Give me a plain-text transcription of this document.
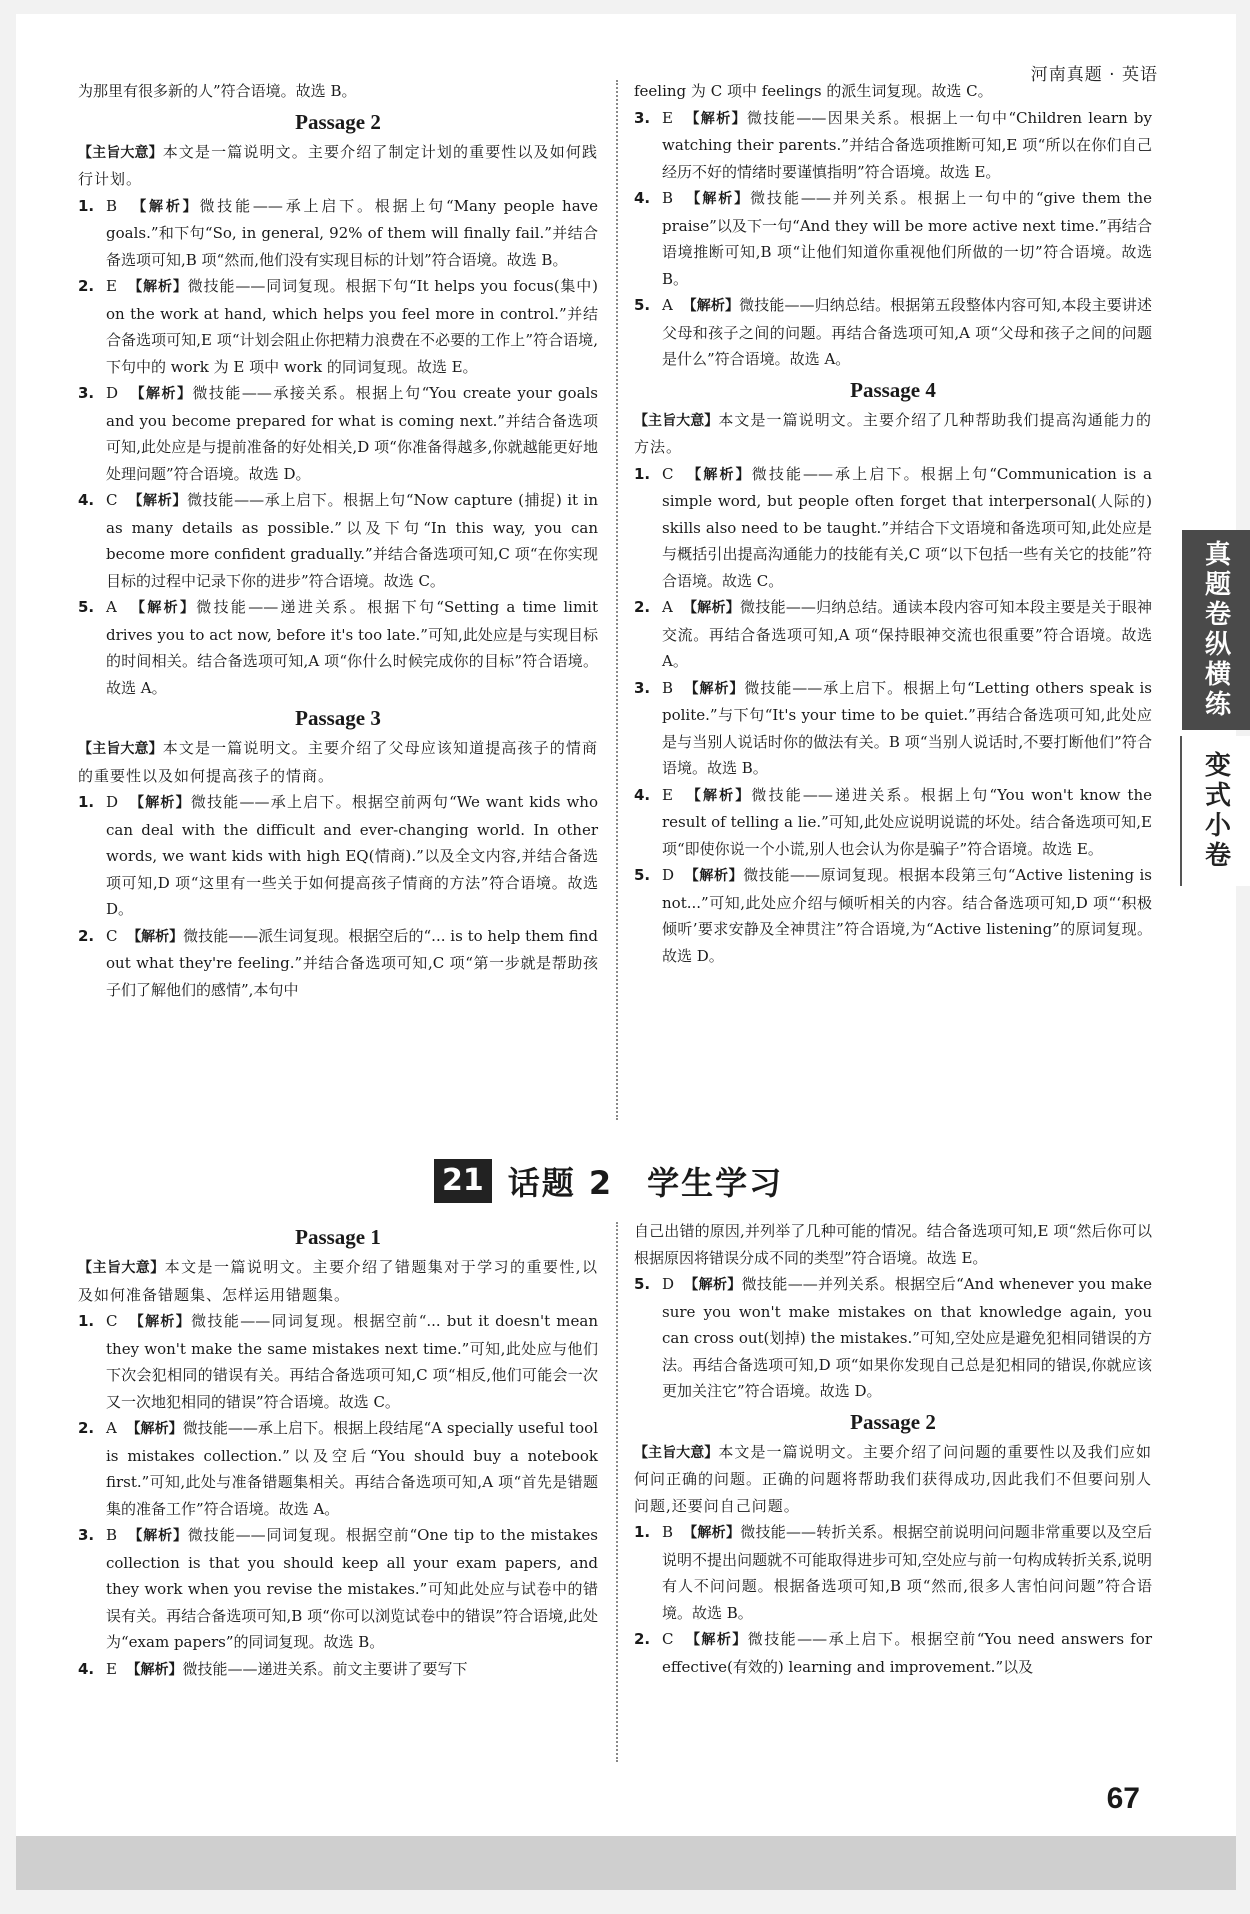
河南真题 · 英语
真题卷纵横练
变式小卷

为那里有很多新的人”符合语境。故选 B。

Passage 2

【主旨大意】本文是一篇说明文。主要介绍了制定计划的重要性以及如何践行计划。

1. B 【解析】微技能——承上启下。根据上句“Many people have goals.”和下句“So, in general, 92% of them will finally fail.”并结合备选项可知,B 项“然而,他们没有实现目标的计划”符合语境。故选 B。
2. E 【解析】微技能——同词复现。根据下句“It helps you focus(集中) on the work at hand, which helps you feel more in control.”并结合备选项可知,E 项“计划会阻止你把精力浪费在不必要的工作上”符合语境,下句中的 work 为 E 项中 work 的同词复现。故选 E。
3. D 【解析】微技能——承接关系。根据上句“You create your goals and you become prepared for what is coming next.”并结合备选项可知,此处应是与提前准备的好处相关,D 项“你准备得越多,你就越能更好地处理问题”符合语境。故选 D。
4. C 【解析】微技能——承上启下。根据上句“Now capture (捕捉) it in as many details as possible.”以及下句“In this way, you can become more confident gradually.”并结合备选项可知,C 项“在你实现目标的过程中记录下你的进步”符合语境。故选 C。
5. A 【解析】微技能——递进关系。根据下句“Setting a time limit drives you to act now, before it's too late.”可知,此处应是与实现目标的时间相关。结合备选项可知,A 项“你什么时候完成你的目标”符合语境。故选 A。

Passage 3

【主旨大意】本文是一篇说明文。主要介绍了父母应该知道提高孩子的情商的重要性以及如何提高孩子的情商。

1. D 【解析】微技能——承上启下。根据空前两句“We want kids who can deal with the difficult and ever-changing world. In other words, we want kids with high EQ(情商).”以及全文内容,并结合备选项可知,D 项“这里有一些关于如何提高孩子情商的方法”符合语境。故选 D。
2. C 【解析】微技能——派生词复现。根据空后的“... is to help them find out what they're feeling.”并结合备选项可知,C 项“第一步就是帮助孩子们了解他们的感情”,本句中

feeling 为 C 项中 feelings 的派生词复现。故选 C。

3. E 【解析】微技能——因果关系。根据上一句中“Children learn by watching their parents.”并结合备选项推断可知,E 项“所以在你们自己经历不好的情绪时要谨慎指明”符合语境。故选 E。
4. B 【解析】微技能——并列关系。根据上一句中的“give them the praise”以及下一句“And they will be more active next time.”再结合语境推断可知,B 项“让他们知道你重视他们所做的一切”符合语境。故选 B。
5. A 【解析】微技能——归纳总结。根据第五段整体内容可知,本段主要讲述父母和孩子之间的问题。再结合备选项可知,A 项“父母和孩子之间的问题是什么”符合语境。故选 A。

Passage 4

【主旨大意】本文是一篇说明文。主要介绍了几种帮助我们提高沟通能力的方法。

1. C 【解析】微技能——承上启下。根据上句“Communication is a simple word, but people often forget that interpersonal(人际的) skills also need to be taught.”并结合下文语境和备选项可知,此处应是与概括引出提高沟通能力的技能有关,C 项“以下包括一些有关它的技能”符合语境。故选 C。
2. A 【解析】微技能——归纳总结。通读本段内容可知本段主要是关于眼神交流。再结合备选项可知,A 项“保持眼神交流也很重要”符合语境。故选 A。
3. B 【解析】微技能——承上启下。根据上句“Letting others speak is polite.”与下句“It's your time to be quiet.”再结合备选项可知,此处应是与当别人说话时你的做法有关。B 项“当别人说话时,不要打断他们”符合语境。故选 B。
4. E 【解析】微技能——递进关系。根据上句“You won't know the result of telling a lie.”可知,此处应说明说谎的坏处。结合备选项可知,E 项“即使你说一个小谎,别人也会认为你是骗子”符合语境。故选 E。
5. D 【解析】微技能——原词复现。根据本段第三句“Active listening is not...”可知,此处应介绍与倾听相关的内容。结合备选项可知,D 项“‘积极倾听’要求安静及全神贯注”符合语境,为“Active listening”的原词复现。故选 D。
21 话题 2　学生学习

Passage 1

【主旨大意】本文是一篇说明文。主要介绍了错题集对于学习的重要性,以及如何准备错题集、怎样运用错题集。

1. C 【解析】微技能——同词复现。根据空前“... but it doesn't mean they won't make the same mistakes next time.”可知,此处应与他们下次会犯相同的错误有关。再结合备选项可知,C 项“相反,他们可能会一次又一次地犯相同的错误”符合语境。故选 C。
2. A 【解析】微技能——承上启下。根据上段结尾“A specially useful tool is mistakes collection.”以及空后“You should buy a notebook first.”可知,此处与准备错题集相关。再结合备选项可知,A 项“首先是错题集的准备工作”符合语境。故选 A。
3. B 【解析】微技能——同词复现。根据空前“One tip to the mistakes collection is that you should keep all your exam papers, and they work when you revise the mistakes.”可知此处应与试卷中的错误有关。再结合备选项可知,B 项“你可以浏览试卷中的错误”符合语境,此处为“exam papers”的同词复现。故选 B。
4. E 【解析】微技能——递进关系。前文主要讲了要写下

自己出错的原因,并列举了几种可能的情况。结合备选项可知,E 项“然后你可以根据原因将错误分成不同的类型”符合语境。故选 E。

5. D 【解析】微技能——并列关系。根据空后“And whenever you make sure you won't make mistakes on that knowledge again, you can cross out(划掉) the mistakes.”可知,空处应是避免犯相同错误的方法。再结合备选项可知,D 项“如果你发现自己总是犯相同的错误,你就应该更加关注它”符合语境。故选 D。

Passage 2

【主旨大意】本文是一篇说明文。主要介绍了问问题的重要性以及我们应如何问正确的问题。正确的问题将帮助我们获得成功,因此我们不但要问别人问题,还要问自己问题。

1. B 【解析】微技能——转折关系。根据空前说明问问题非常重要以及空后说明不提出问题就不可能取得进步可知,空处应与前一句构成转折关系,说明有人不问问题。根据备选项可知,B 项“然而,很多人害怕问问题”符合语境。故选 B。
2. C 【解析】微技能——承上启下。根据空前“You need answers for effective(有效的) learning and improvement.”以及
67
